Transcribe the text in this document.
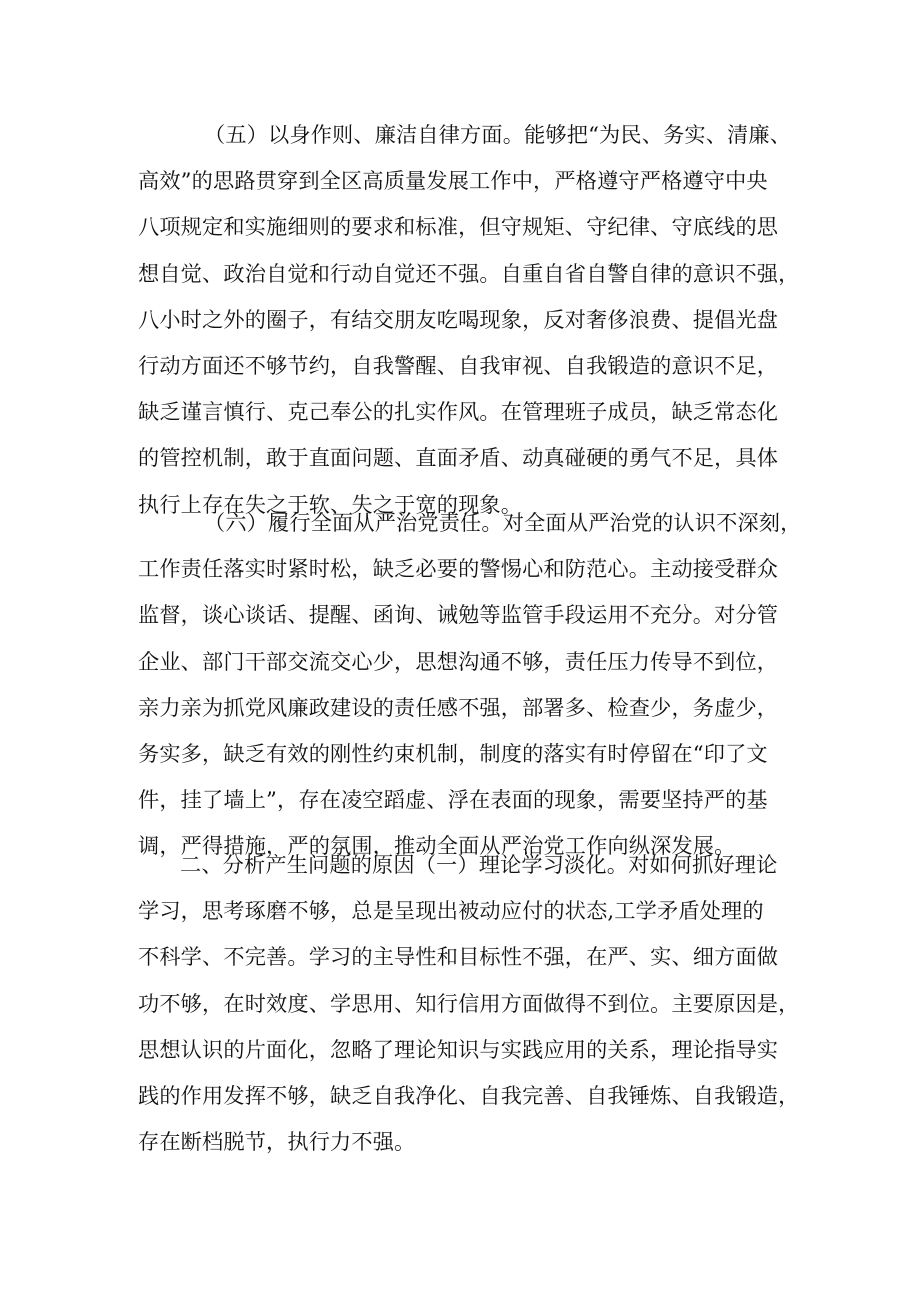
（五）以身作则、廉洁自律方面。能够把“为民、务实、清廉、
高效”的思路贯穿到全区高质量发展工作中，严格遵守严格遵守中央
八项规定和实施细则的要求和标准，但守规矩、守纪律、守底线的思
想自觉、政治自觉和行动自觉还不强。自重自省自警自律的意识不强，
八小时之外的圈子，有结交朋友吃喝现象，反对奢侈浪费、提倡光盘
行动方面还不够节约，自我警醒、自我审视、自我锻造的意识不足，
缺乏谨言慎行、克己奉公的扎实作风。在管理班子成员，缺乏常态化
的管控机制，敢于直面问题、直面矛盾、动真碰硬的勇气不足，具体
执行上存在失之于软、失之于宽的现象。
（六）履行全面从严治党责任。对全面从严治党的认识不深刻，
工作责任落实时紧时松，缺乏必要的警惕心和防范心。主动接受群众
监督，谈心谈话、提醒、函询、诫勉等监管手段运用不充分。对分管
企业、部门干部交流交心少，思想沟通不够，责任压力传导不到位，
亲力亲为抓党风廉政建设的责任感不强，部署多、检查少，务虚少，
务实多，缺乏有效的刚性约束机制，制度的落实有时停留在“印了文
件，挂了墙上”，存在凌空蹈虚、浮在表面的现象，需要坚持严的基
调，严得措施，严的氛围，推动全面从严治党工作向纵深发展。
二、分析产生问题的原因（一）理论学习淡化。对如何抓好理论
学习，思考琢磨不够，总是呈现出被动应付的状态,工学矛盾处理的
不科学、不完善。学习的主导性和目标性不强，在严、实、细方面做
功不够，在时效度、学思用、知行信用方面做得不到位。主要原因是，
思想认识的片面化，忽略了理论知识与实践应用的关系，理论指导实
践的作用发挥不够，缺乏自我净化、自我完善、自我锤炼、自我锻造，
存在断档脱节，执行力不强。
